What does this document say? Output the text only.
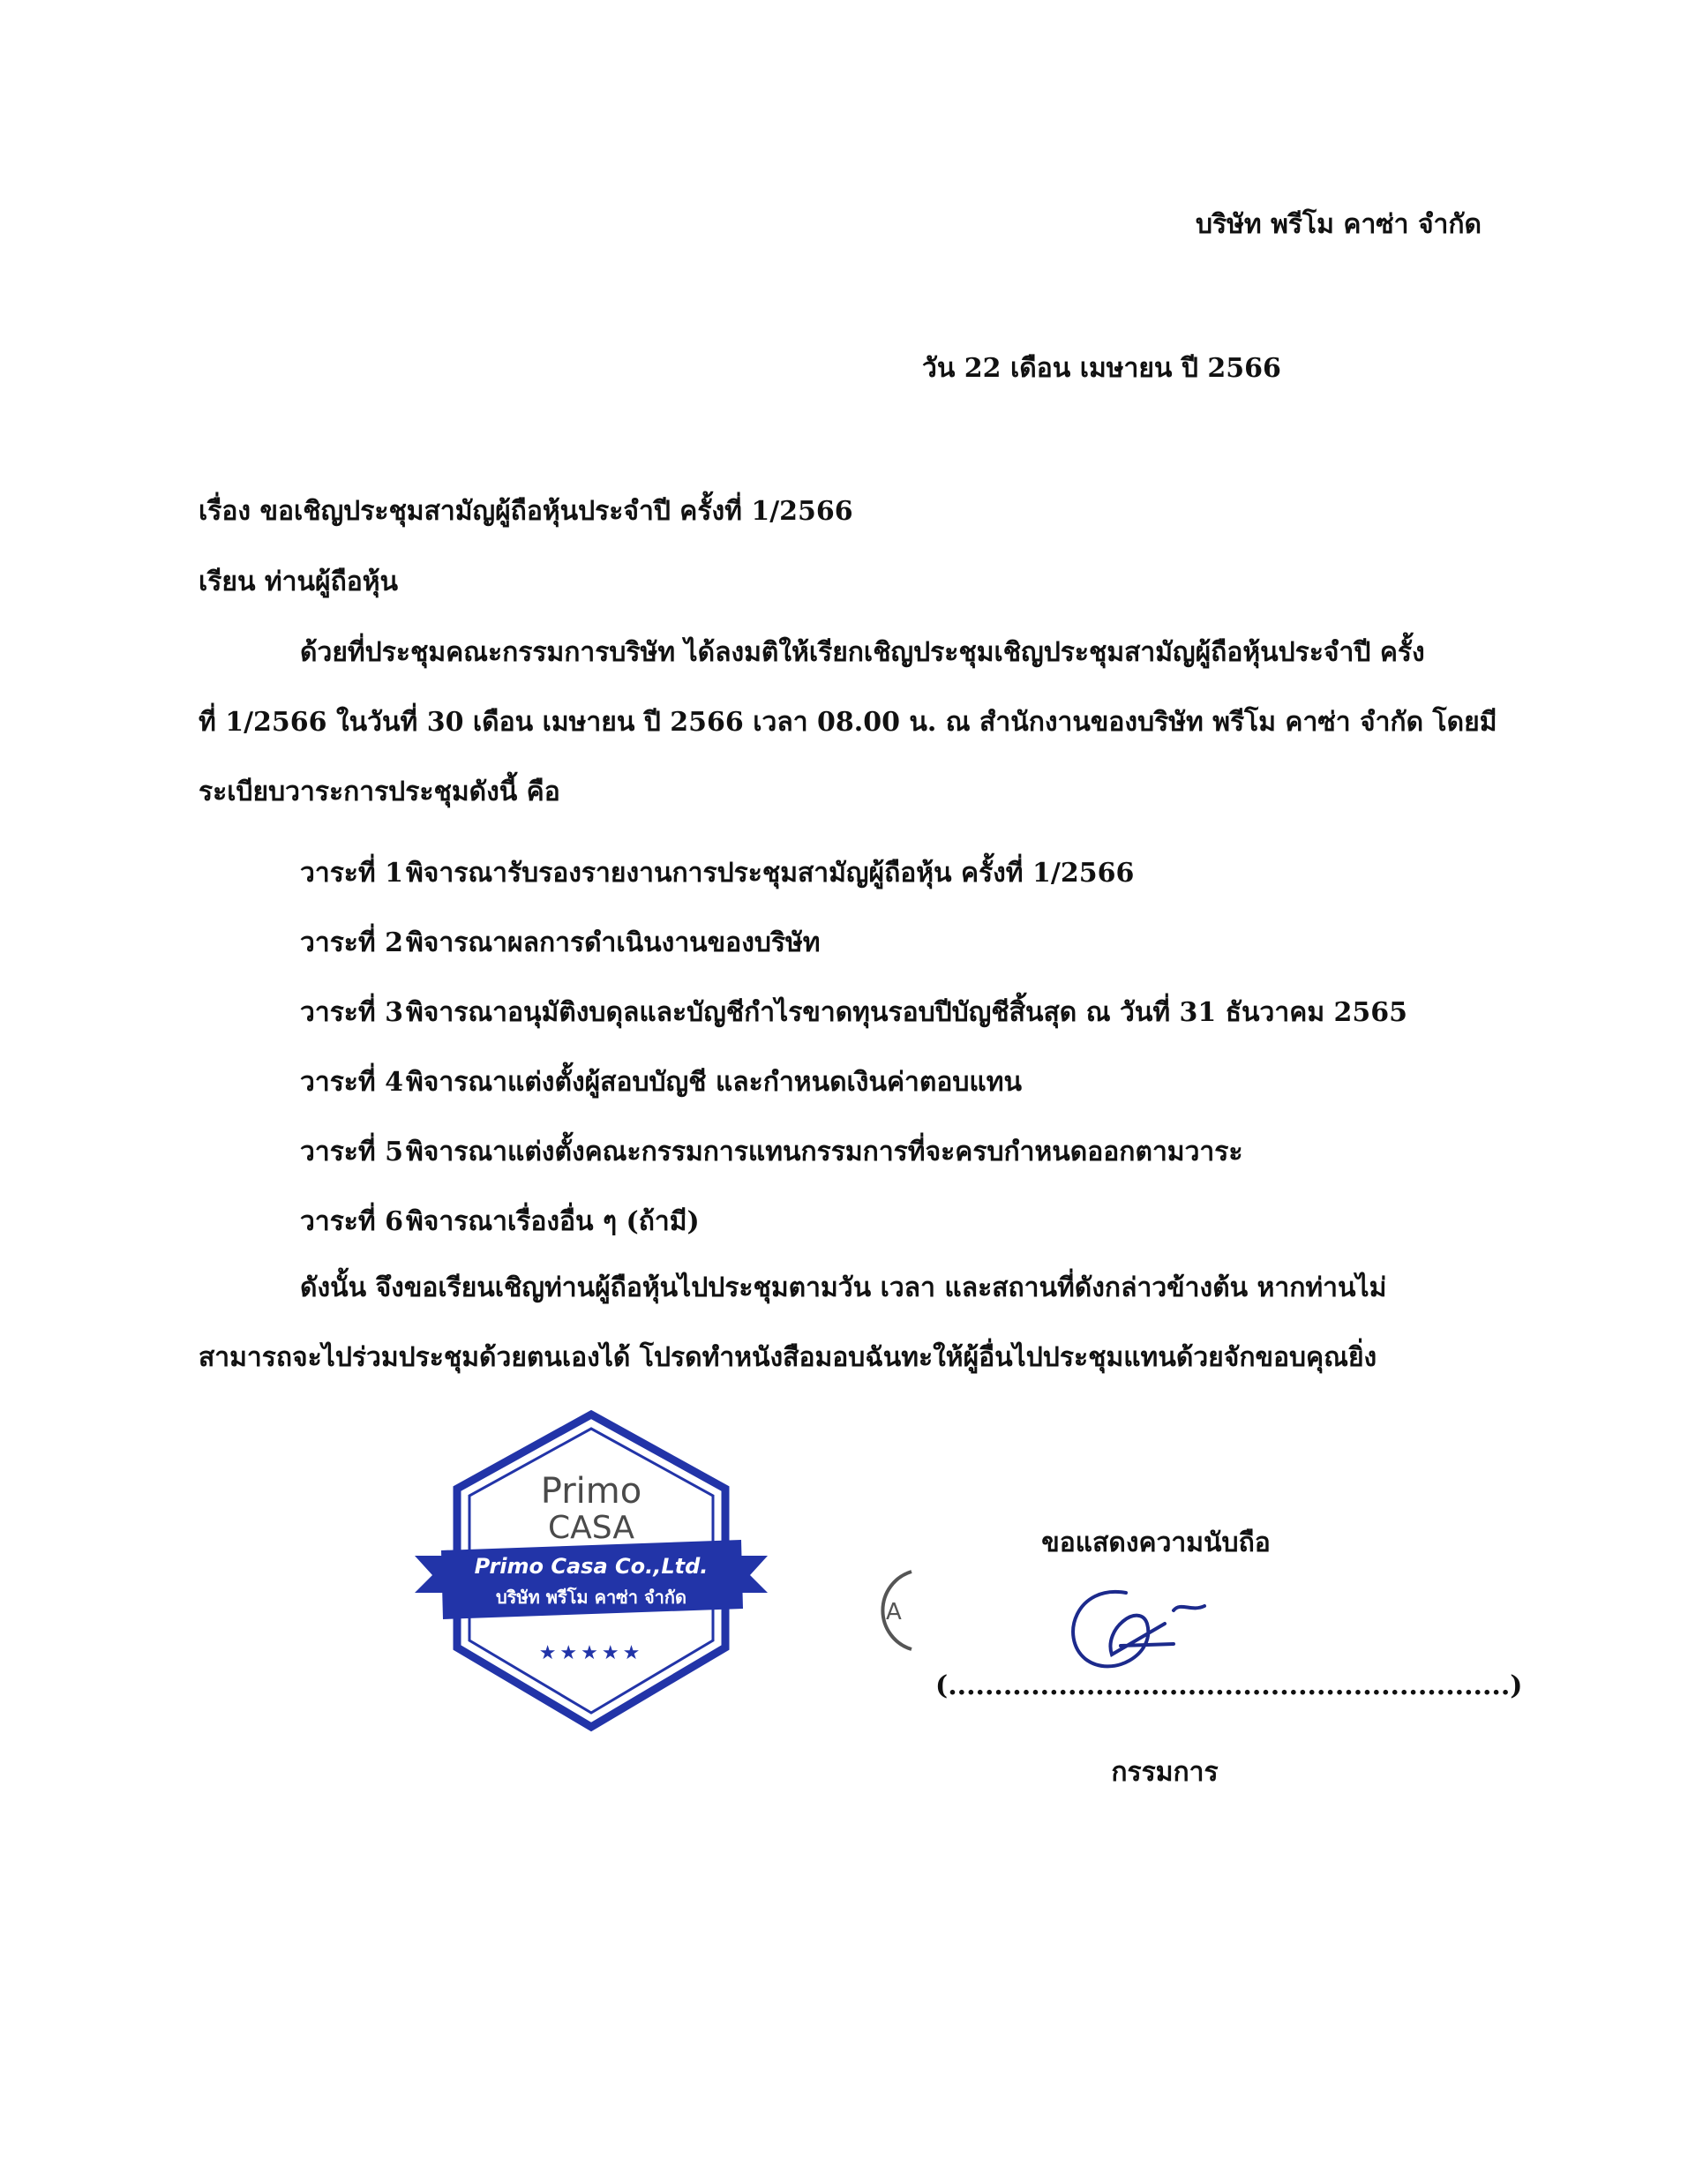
บริษัท พรีโม คาซ่า จำกัด
วัน 22 เดือน เมษายน ปี 2566
เรื่อง ขอเชิญประชุมสามัญผู้ถือหุ้นประจำปี ครั้งที่ 1/2566
เรียน ท่านผู้ถือหุ้น
ด้วยที่ประชุมคณะกรรมการบริษัท ได้ลงมติให้เรียกเชิญประชุมเชิญประชุมสามัญผู้ถือหุ้นประจำปี ครั้ง
ที่ 1/2566 ในวันที่ 30 เดือน เมษายน ปี 2566 เวลา 08.00 น. ณ สำนักงานของบริษัท พรีโม คาซ่า จำกัด โดยมี
ระเบียบวาระการประชุมดังนี้ คือ
วาระที่ 1พิจารณารับรองรายงานการประชุมสามัญผู้ถือหุ้น ครั้งที่ 1/2566
วาระที่ 2พิจารณาผลการดำเนินงานของบริษัท
วาระที่ 3พิจารณาอนุมัติงบดุลและบัญชีกำไรขาดทุนรอบปีบัญชีสิ้นสุด ณ วันที่ 31 ธันวาคม 2565
วาระที่ 4พิจารณาแต่งตั้งผู้สอบบัญชี และกำหนดเงินค่าตอบแทน
วาระที่ 5พิจารณาแต่งตั้งคณะกรรมการแทนกรรมการที่จะครบกำหนดออกตามวาระ
วาระที่ 6พิจารณาเรื่องอื่น ๆ (ถ้ามี)
ดังนั้น จึงขอเรียนเชิญท่านผู้ถือหุ้นไปประชุมตามวัน เวลา และสถานที่ดังกล่าวข้างต้น หากท่านไม่
สามารถจะไปร่วมประชุมด้วยตนเองได้ โปรดทำหนังสือมอบฉันทะให้ผู้อื่นไปประชุมแทนด้วยจักขอบคุณยิ่ง
Primo
CASA
Primo Casa Co.,Ltd.
บริษัท พรีโม คาซ่า จำกัด
★★★★★
A
ขอแสดงความนับถือ
(.............................................................)
กรรมการ
